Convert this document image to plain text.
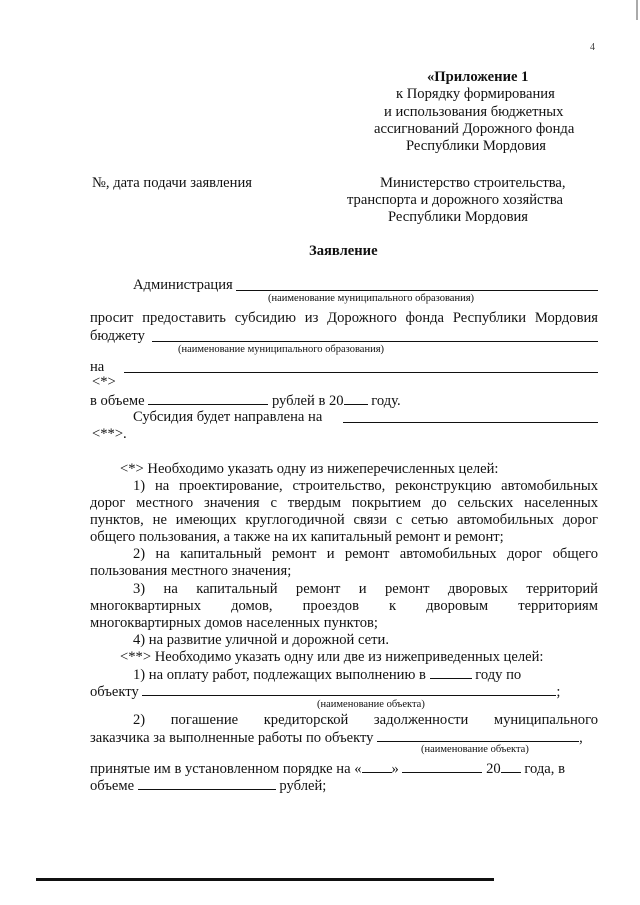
4
«Приложение 1
к Порядку формирования
и использования бюджетных
ассигнований Дорожного фонда
Республики Мордовия
№, дата подачи заявления	Министерство строительства,
транспорта и дорожного хозяйства
Республики Мордовия
Заявление
Администрация
(наименование муниципального образования)
просит предоставить субсидию из Дорожного фонда Республики Мордовия
бюджету
(наименование муниципального образования)
на
<*>
в объеме	рублей в 20 году.
Субсидия будет направлена на
<**>.
<*> Необходимо указать одну из нижеперечисленных целей:
1) на проектирование, строительство, реконструкцию автомобильных
дорог местного значения с твердым покрытием до сельских населенных
пунктов, не имеющих круглогодичной связи с сетью автомобильных дорог
общего пользования, а также на их капитальный ремонт и ремонт;
2) на капитальный ремонт и ремонт автомобильных дорог общего
пользования местного значения;
3) на капитальный ремонт и ремонт дворовых территорий
многоквартирных домов, проездов к дворовым территориям
многоквартирных домов населенных пунктов;
4) на развитие уличной и дорожной сети.
<**> Необходимо указать одну или две из нижеприведенных целей:
1) на оплату работ, подлежащих выполнению в	году по
объекту	;
(наименование объекта)
2) погашение кредиторской задолженности муниципального
заказчика за выполненные работы по объекту	,
(наименование объекта)
принятые им в установленном порядке на « »	20 года, в
объеме	рублей;
